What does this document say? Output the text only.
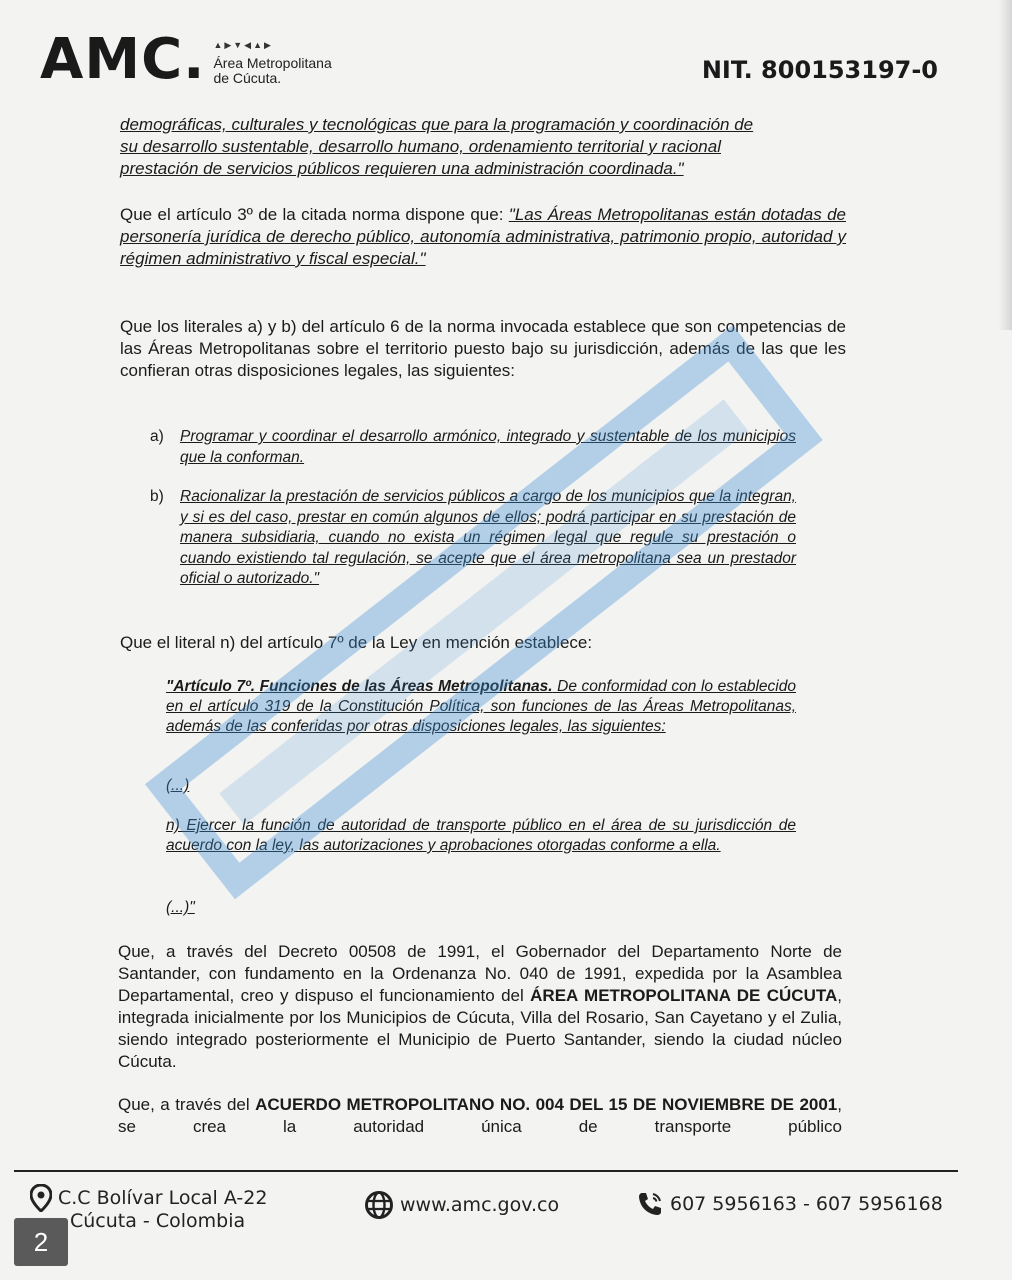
AMC. ▲▶▼◀▲▶
Área Metropolitana
de Cúcuta.	NIT. 800153197-0

demográficas, culturales y tecnológicas que para la programación y coordinación de
su desarrollo sustentable, desarrollo humano, ordenamiento territorial y racional
prestación de servicios públicos requieren una administración coordinada."

Que el artículo 3º de la citada norma dispone que: "Las Áreas Metropolitanas están dotadas de personería jurídica de derecho público, autonomía administrativa, patrimonio propio, autoridad y régimen administrativo y fiscal especial."

Que los literales a) y b) del artículo 6 de la norma invocada establece que son competencias de las Áreas Metropolitanas sobre el territorio puesto bajo su jurisdicción, además de las que les confieran otras disposiciones legales, las siguientes:

a) Programar y coordinar el desarrollo armónico, integrado y sustentable de los municipios que la conforman.
b) Racionalizar la prestación de servicios públicos a cargo de los municipios que la integran, y si es del caso, prestar en común algunos de ellos; podrá participar en su prestación de manera subsidiaria, cuando no exista un régimen legal que regule su prestación o cuando existiendo tal regulación, se acepte que el área metropolitana sea un prestador oficial o autorizado."

Que el literal n) del artículo 7º de la Ley en mención establece:

"Artículo 7º. Funciones de las Áreas Metropolitanas. De conformidad con lo establecido en el artículo 319 de la Constitución Política, son funciones de las Áreas Metropolitanas, además de las conferidas por otras disposiciones legales, las siguientes:

(...)

n) Ejercer la función de autoridad de transporte público en el área de su jurisdicción de acuerdo con la ley, las autorizaciones y aprobaciones otorgadas conforme a ella.

(...)"

Que, a través del Decreto 00508 de 1991, el Gobernador del Departamento Norte de Santander, con fundamento en la Ordenanza No. 040 de 1991, expedida por la Asamblea Departamental, creo y dispuso el funcionamiento del ÁREA METROPOLITANA DE CÚCUTA, integrada inicialmente por los Municipios de Cúcuta, Villa del Rosario, San Cayetano y el Zulia, siendo integrado posteriormente el Municipio de Puerto Santander, siendo la ciudad núcleo Cúcuta.

Que, a través del ACUERDO METROPOLITANO NO. 004 DEL 15 DE NOVIEMBRE DE 2001, se crea la autoridad única de transporte público

C.C Bolívar Local A-22
Cúcuta - Colombia
www.amc.gov.co	607 5956163 - 607 5956168
2
